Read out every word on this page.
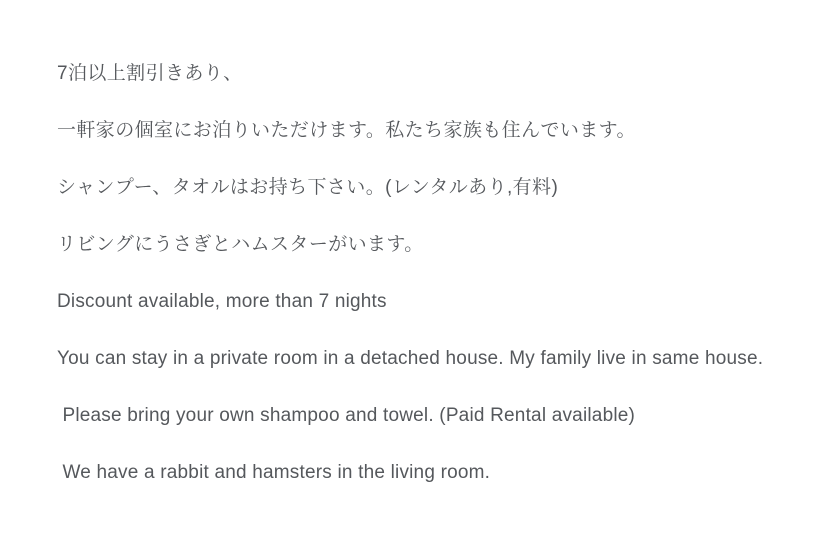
7泊以上割引きあり、

一軒家の個室にお泊りいただけます。私たち家族も住んでいます。

シャンプー、タオルはお持ち下さい。(レンタルあり,有料)

リビングにうさぎとハムスターがいます。

Discount available, more than 7 nights

You can stay in a private room in a detached house. My family live in same house.

Please bring your own shampoo and towel. (Paid Rental available)

We have a rabbit and hamsters in the living room.
